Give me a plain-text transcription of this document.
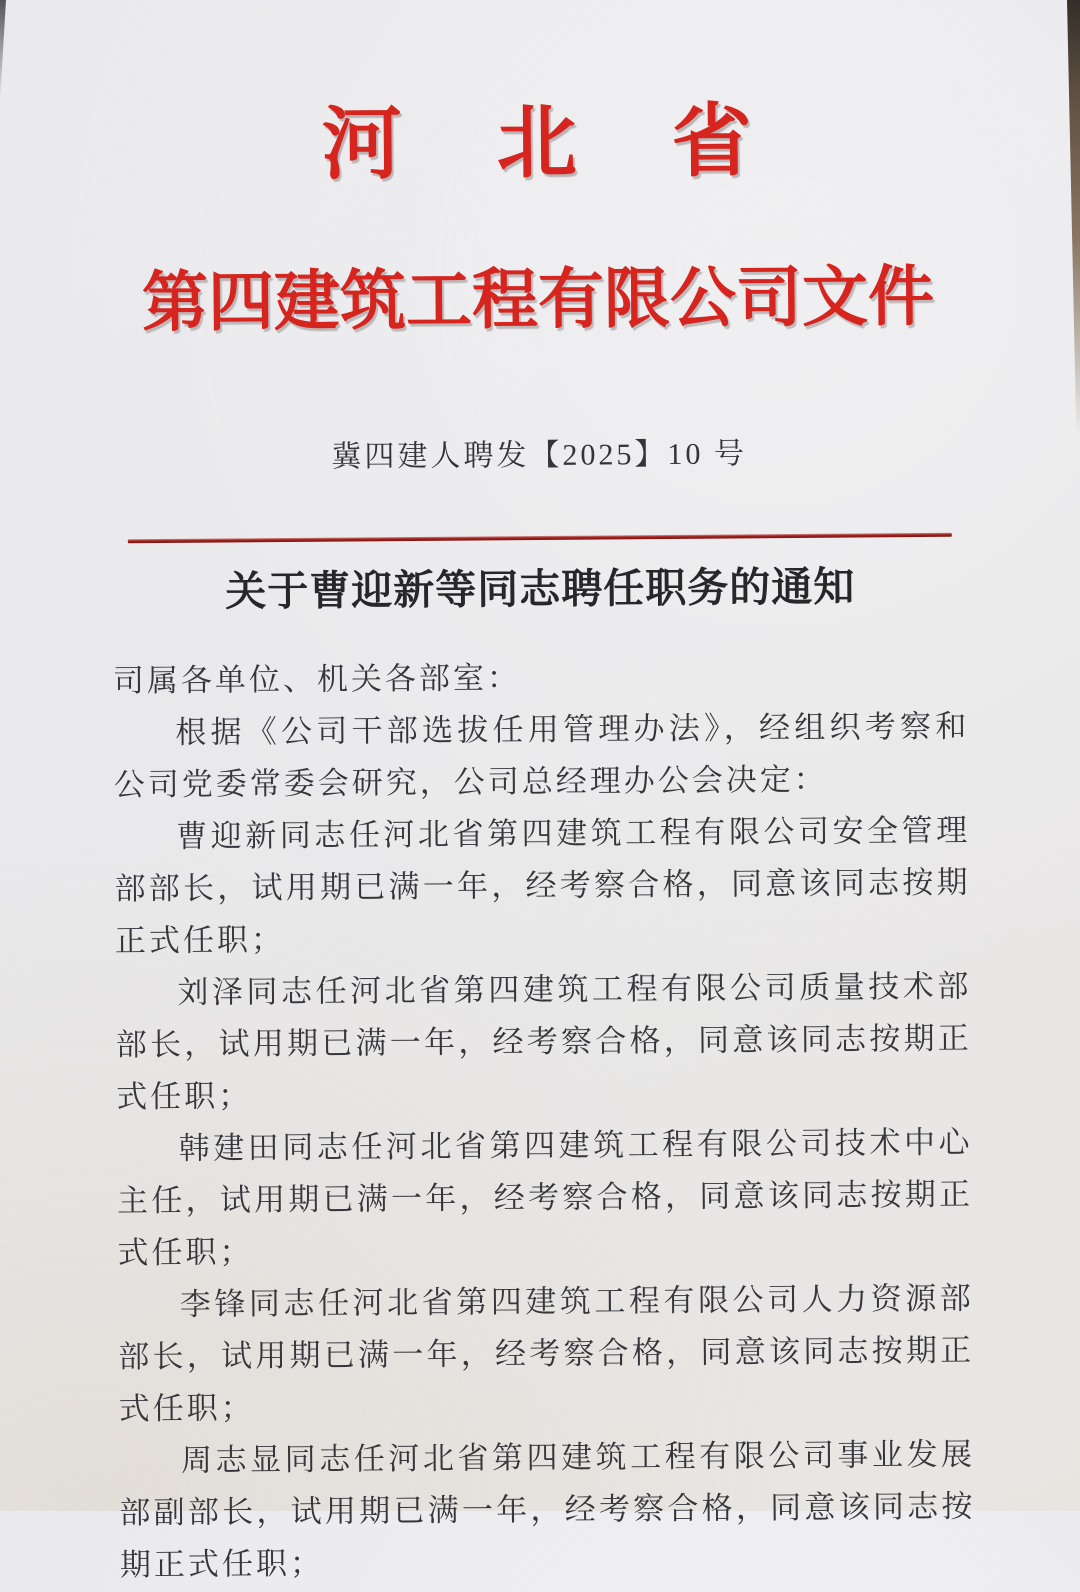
河北省
第四建筑工程有限公司文件
冀四建人聘发【2025】10 号
关于曹迎新等同志聘任职务的通知

司属各单位、机关各部室：

根据《公司干部选拔任用管理办法》，经组织考察和公司党委常委会研究，公司总经理办公会决定：

曹迎新同志任河北省第四建筑工程有限公司安全管理部部长，试用期已满一年，经考察合格，同意该同志按期正式任职；

刘泽同志任河北省第四建筑工程有限公司质量技术部部长，试用期已满一年，经考察合格，同意该同志按期正式任职；

韩建田同志任河北省第四建筑工程有限公司技术中心主任，试用期已满一年，经考察合格，同意该同志按期正式任职；

李锋同志任河北省第四建筑工程有限公司人力资源部部长，试用期已满一年，经考察合格，同意该同志按期正式任职；

周志显同志任河北省第四建筑工程有限公司事业发展部副部长，试用期已满一年，经考察合格，同意该同志按期正式任职；
